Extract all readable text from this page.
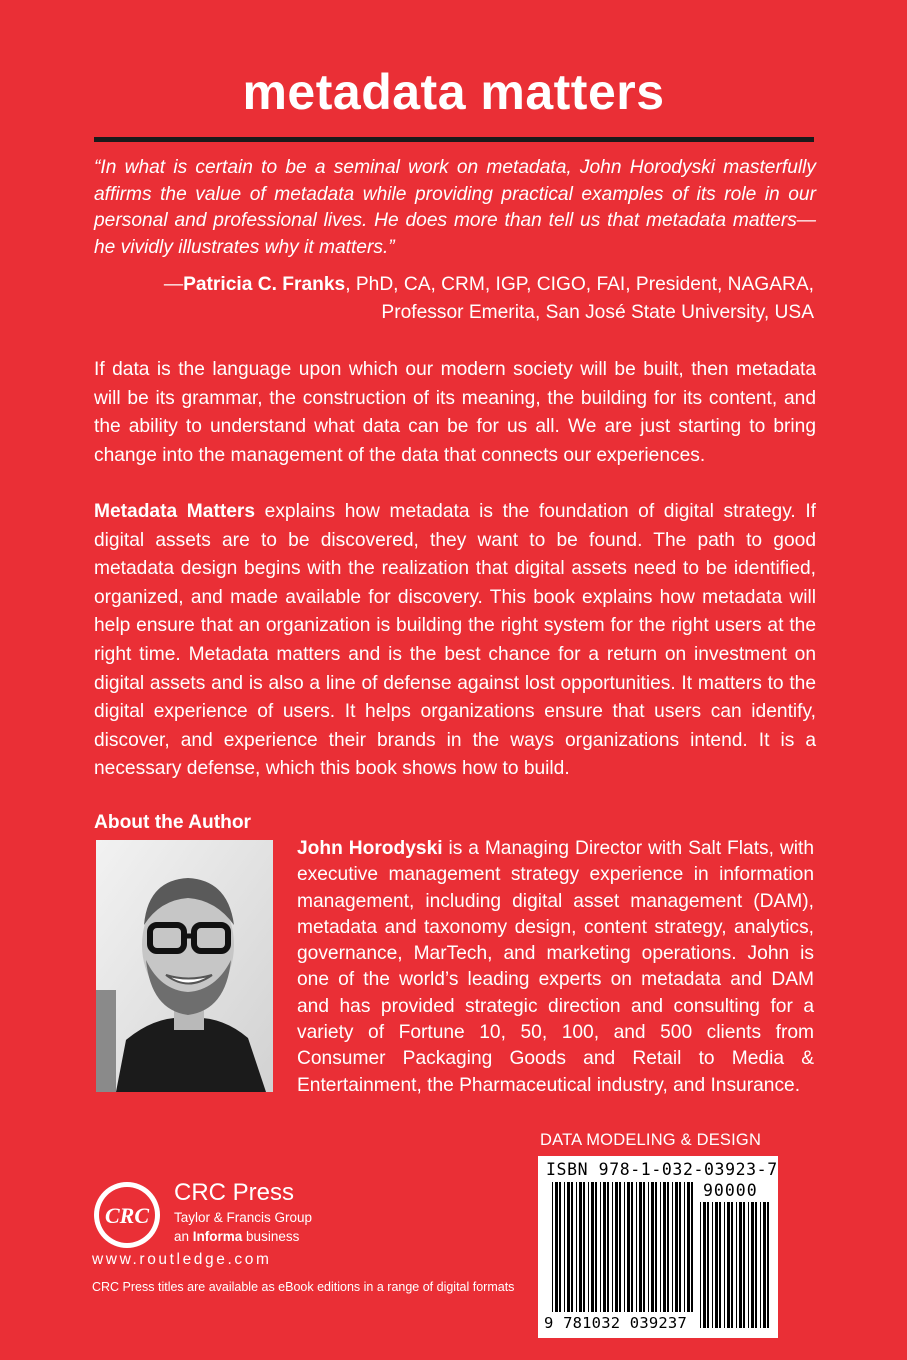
metadata matters
“In what is certain to be a seminal work on metadata, John Horodyski masterfully affirms the value of metadata while providing practical examples of its role in our personal and professional lives. He does more than tell us that metadata matters—he vividly illustrates why it matters.”
—Patricia C. Franks, PhD, CA, CRM, IGP, CIGO, FAI, President, NAGARA,
Professor Emerita, San José State University, USA
If data is the language upon which our modern society will be built, then metadata will be its grammar, the construction of its meaning, the building for its content, and the ability to understand what data can be for us all. We are just starting to bring change into the management of the data that connects our experiences.
Metadata Matters explains how metadata is the foundation of digital strategy. If digital assets are to be discovered, they want to be found. The path to good metadata design begins with the realization that digital assets need to be identified, organized, and made available for discovery. This book explains how metadata will help ensure that an organization is building the right system for the right users at the right time. Metadata matters and is the best chance for a return on investment on digital assets and is also a line of defense against lost opportunities. It matters to the digital experience of users. It helps organizations ensure that users can identify, discover, and experience their brands in the ways organizations intend. It is a necessary defense, which this book shows how to build.
About the Author
John Horodyski is a Managing Director with Salt Flats, with executive management strategy experience in information management, including digital asset management (DAM), metadata and taxonomy design, content strategy, analytics, governance, MarTech, and marketing operations. John is one of the world’s leading experts on metadata and DAM and has provided strategic direction and consulting for a variety of Fortune 10, 50, 100, and 500 clients from Consumer Packaging Goods and Retail to Media & Entertainment, the Pharmaceutical industry, and Insurance.
DATA MODELING & DESIGN
ISBN 978-1-032-03923-7
90000
9 781032 039237
CRC
CRC Press
Taylor & Francis Group
an Informa business
www.routledge.com
CRC Press titles are available as eBook editions in a range of digital formats
